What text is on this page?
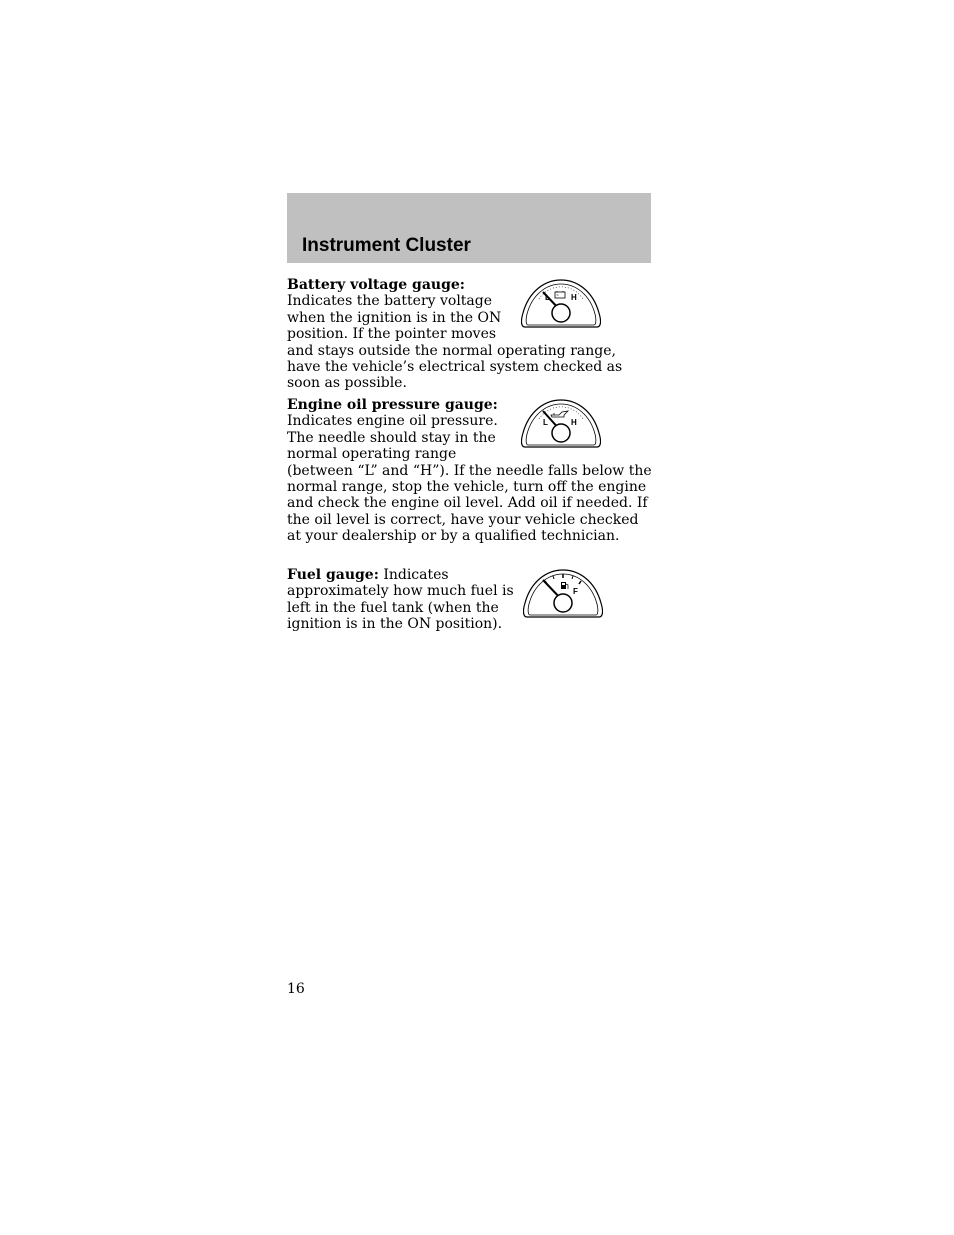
Instrument Cluster
L	H
Battery voltage gauge: Indicates the battery voltage when the ignition is in the ON position. If the pointer moves and stays outside the normal operating range, have the vehicle’s electrical system checked as soon as possible.
L	H
Engine oil pressure gauge: Indicates engine oil pressure. The needle should stay in the normal operating range (between “L” and “H”). If the needle falls below the normal range, stop the vehicle, turn off the engine and check the engine oil level. Add oil if needed. If the oil level is correct, have your vehicle checked at your dealership or by a qualified technician.
F
Fuel gauge: Indicates approximately how much fuel is left in the fuel tank (when the ignition is in the ON position).
16
